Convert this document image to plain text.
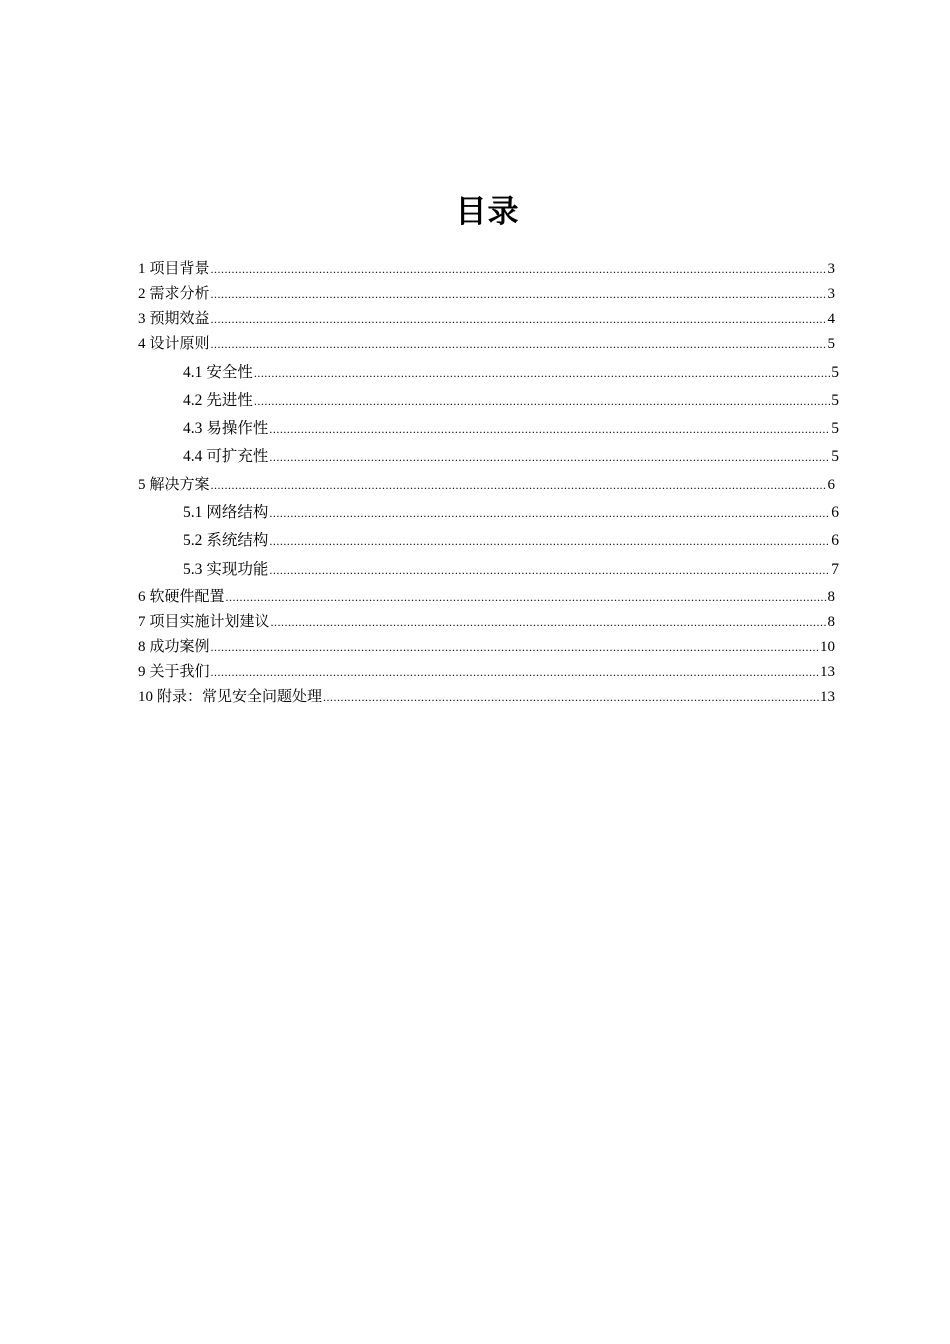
目录
1 项目背景 .....	3
2 需求分析 .....	3
3 预期效益 .....	4
4 设计原则 .....	5
4.1 安全性 .....	5
4.2 先进性 .....	5
4.3 易操作性 .....	5
4.4 可扩充性 .....	5
5 解决方案 .....	6
5.1 网络结构 .....	6
5.2 系统结构 .....	6
5.3 实现功能 .....	7
6 软硬件配置 .....	8
7 项目实施计划建议 .....	8
8 成功案例 .....	10
9 关于我们 .....	13
10 附录：常见安全问题处理 .....	13
